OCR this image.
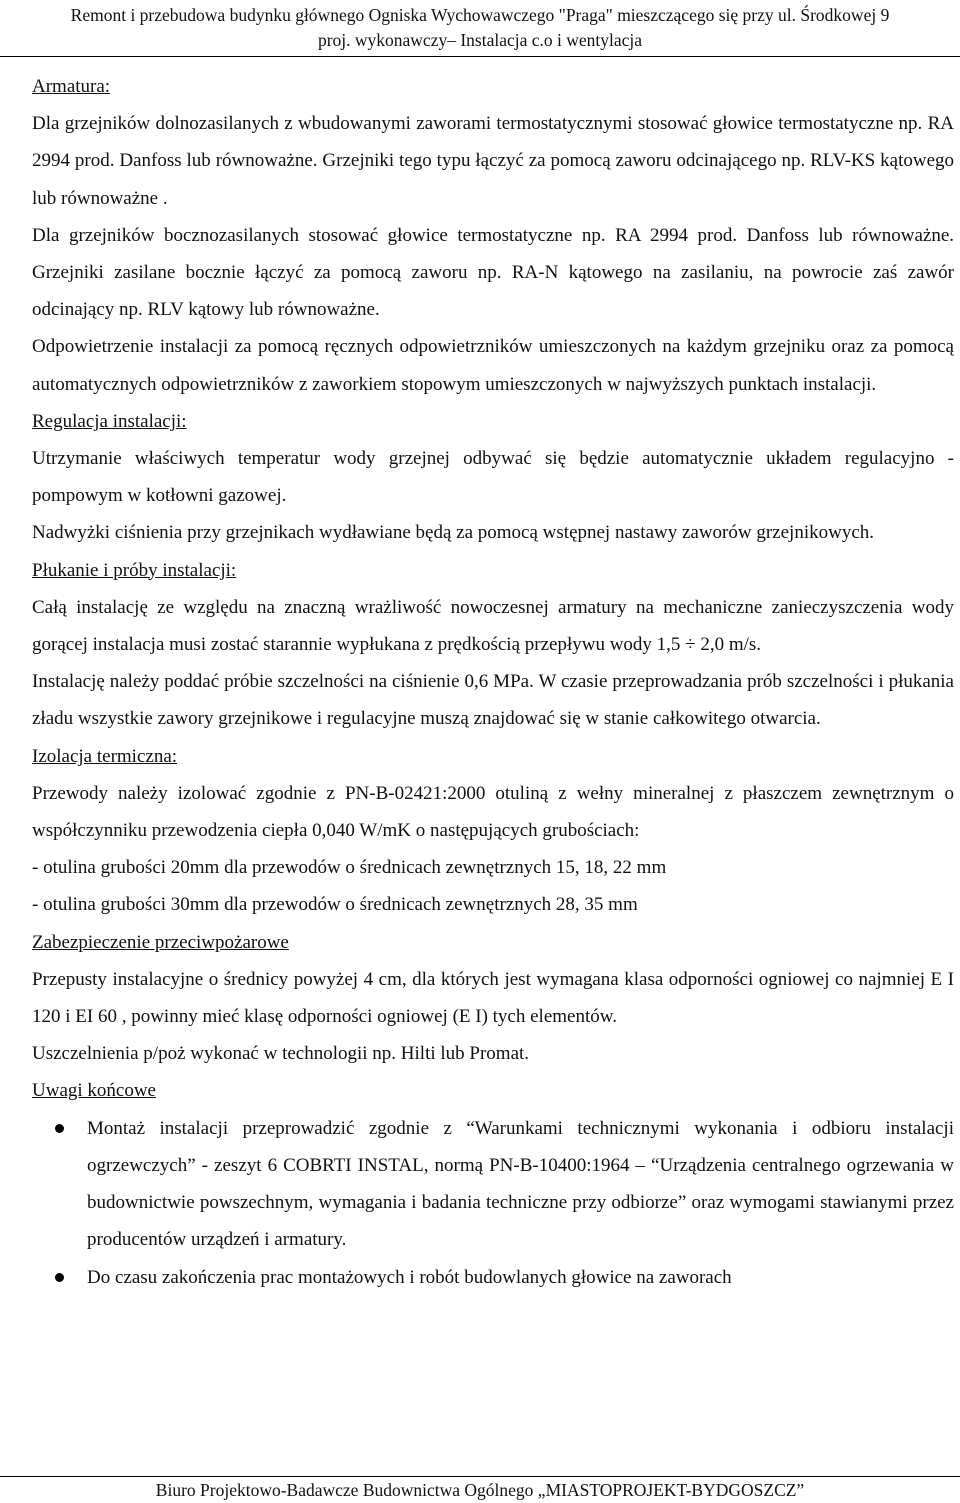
Remont i przebudowa budynku głównego Ogniska Wychowawczego "Praga" mieszczącego się przy ul. Środkowej 9
proj. wykonawczy– Instalacja c.o i wentylacja

Armatura:

Dla grzejników dolnozasilanych z wbudowanymi zaworami termostatycznymi stosować głowice termostatyczne np. RA 2994 prod. Danfoss lub równoważne. Grzejniki tego typu łączyć za pomocą zaworu odcinającego np. RLV-KS kątowego lub równoważne .

Dla grzejników bocznozasilanych stosować głowice termostatyczne np. RA 2994 prod. Danfoss lub równoważne. Grzejniki zasilane bocznie łączyć za pomocą zaworu np. RA-N kątowego na zasilaniu, na powrocie zaś zawór odcinający np. RLV kątowy lub równoważne.

Odpowietrzenie instalacji za pomocą ręcznych odpowietrzników umieszczonych na każdym grzejniku oraz za pomocą automatycznych odpowietrzników z zaworkiem stopowym umieszczonych w najwyższych punktach instalacji.

Regulacja instalacji:

Utrzymanie właściwych temperatur wody grzejnej odbywać się będzie automatycznie układem regulacyjno - pompowym w kotłowni gazowej.

Nadwyżki ciśnienia przy grzejnikach wydławiane będą za pomocą wstępnej nastawy zaworów grzejnikowych.

Płukanie i próby instalacji:

Całą instalację ze względu na znaczną wrażliwość nowoczesnej armatury na mechaniczne zanieczyszczenia wody gorącej instalacja musi zostać starannie wypłukana z prędkością przepływu wody 1,5 ÷ 2,0 m/s.

Instalację należy poddać próbie szczelności na ciśnienie 0,6 MPa. W czasie przeprowadzania prób szczelności i płukania zładu wszystkie zawory grzejnikowe i regulacyjne muszą znajdować się w stanie całkowitego otwarcia.

Izolacja termiczna:

Przewody należy izolować zgodnie z PN-B-02421:2000 otuliną z wełny mineralnej z płaszczem zewnętrznym o współczynniku przewodzenia ciepła 0,040 W/mK o następujących grubościach:

- otulina grubości 20mm dla przewodów o średnicach zewnętrznych 15, 18, 22 mm

- otulina grubości 30mm dla przewodów o średnicach zewnętrznych 28, 35 mm

Zabezpieczenie przeciwpożarowe

Przepusty instalacyjne o średnicy powyżej 4 cm, dla których jest wymagana klasa odporności ogniowej co najmniej E I 120 i EI 60 , powinny mieć klasę odporności ogniowej (E I) tych elementów.

Uszczelnienia p/poż wykonać w technologii np. Hilti lub Promat.

Uwagi końcowe

Montaż instalacji przeprowadzić zgodnie z “Warunkami technicznymi wykonania i odbioru instalacji ogrzewczych” - zeszyt 6 COBRTI INSTAL, normą PN-B-10400:1964 – “Urządzenia centralnego ogrzewania w budownictwie powszechnym, wymagania i badania techniczne przy odbiorze” oraz wymogami stawianymi przez producentów urządzeń i armatury.
Do czasu zakończenia prac montażowych i robót budowlanych głowice na zaworach
Biuro Projektowo-Badawcze Budownictwa Ogólnego „MIASTOPROJEKT-BYDGOSZCZ”
